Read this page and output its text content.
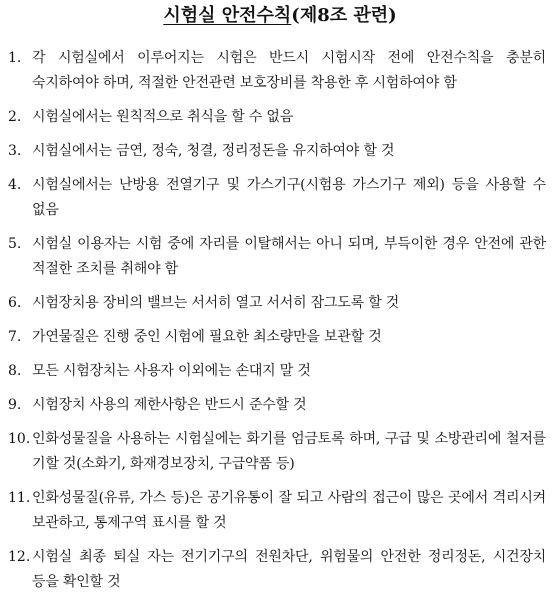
시험실 안전수칙(제8조 관련)
1. 각 시험실에서 이루어지는 시험은 반드시 시험시작 전에 안전수칙을 충분히 숙지하여야 하며, 적절한 안전관련 보호장비를 착용한 후 시험하여야 함
2. 시험실에서는 원칙적으로 취식을 할 수 없음
3. 시험실에서는 금연, 정숙, 청결, 정리정돈을 유지하여야 할 것
4. 시험실에서는 난방용 전열기구 및 가스기구(시험용 가스기구 제외) 등을 사용할 수 없음
5. 시험실 이용자는 시험 중에 자리를 이탈해서는 아니 되며, 부득이한 경우 안전에 관한 적절한 조치를 취해야 함
6. 시험장치용 장비의 밸브는 서서히 열고 서서히 잠그도록 할 것
7. 가연물질은 진행 중인 시험에 필요한 최소량만을 보관할 것
8. 모든 시험장치는 사용자 이외에는 손대지 말 것
9. 시험장치 사용의 제한사항은 반드시 준수할 것
10. 인화성물질을 사용하는 시험실에는 화기를 엄금토록 하며, 구급 및 소방관리에 철저를 기할 것(소화기, 화재경보장치, 구급약품 등)
11. 인화성물질(유류, 가스 등)은 공기유통이 잘 되고 사람의 접근이 많은 곳에서 격리시켜 보관하고, 통제구역 표시를 할 것
12. 시험실 최종 퇴실 자는 전기기구의 전원차단, 위험물의 안전한 정리정돈, 시건장치 등을 확인할 것
